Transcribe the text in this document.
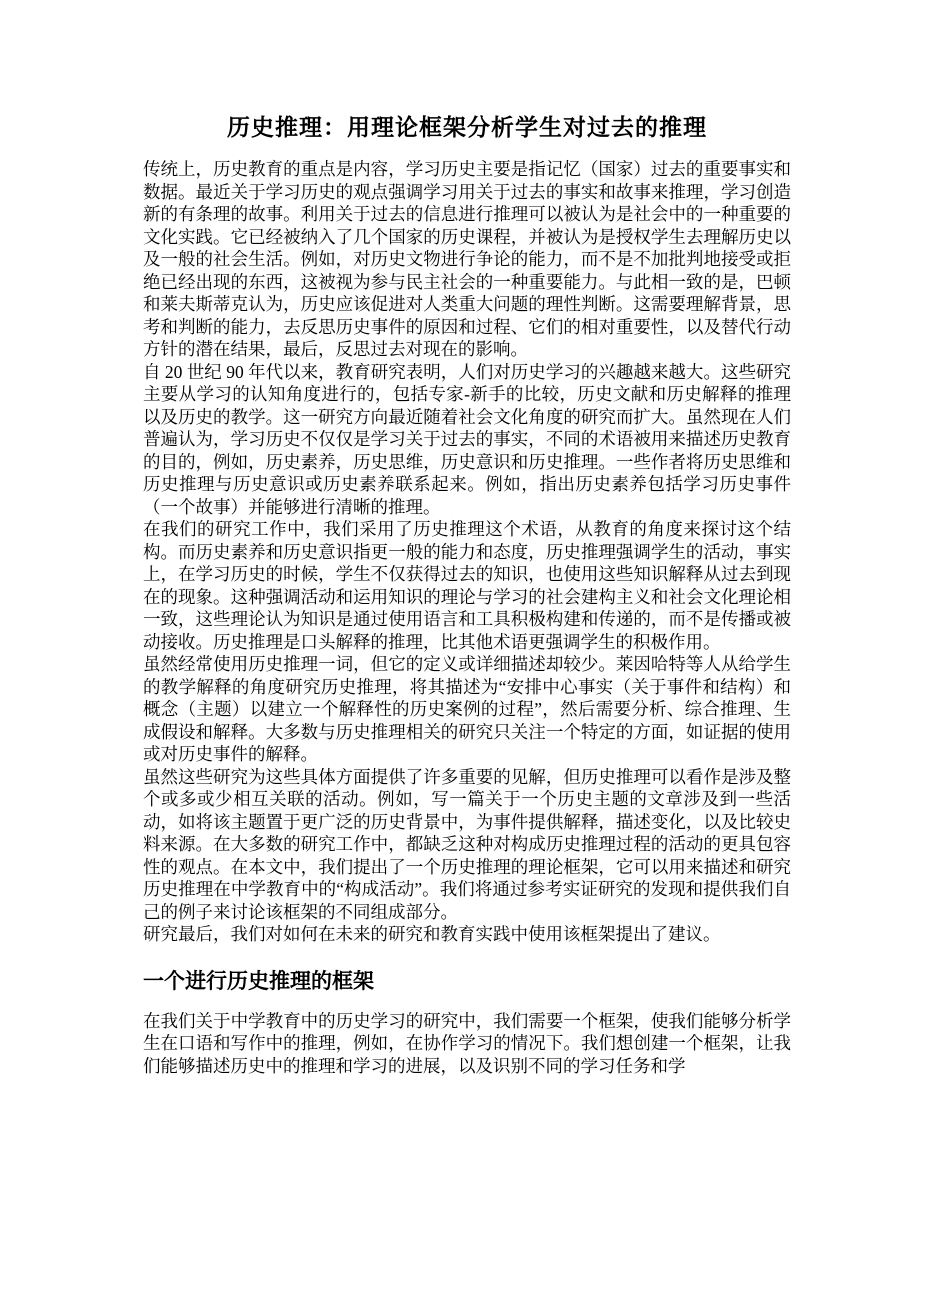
历史推理：用理论框架分析学生对过去的推理

传统上，历史教育的重点是内容，学习历史主要是指记忆（国家）过去的重要事实和数据。最近关于学习历史的观点强调学习用关于过去的事实和故事来推理，学习创造新的有条理的故事。利用关于过去的信息进行推理可以被认为是社会中的一种重要的文化实践。它已经被纳入了几个国家的历史课程，并被认为是授权学生去理解历史以及一般的社会生活。例如，对历史文物进行争论的能力，而不是不加批判地接受或拒绝已经出现的东西，这被视为参与民主社会的一种重要能力。与此相一致的是，巴顿和莱夫斯蒂克认为，历史应该促进对人类重大问题的理性判断。这需要理解背景，思考和判断的能力，去反思历史事件的原因和过程、它们的相对重要性，以及替代行动方针的潜在结果，最后，反思过去对现在的影响。

自 20 世纪 90 年代以来，教育研究表明，人们对历史学习的兴趣越来越大。这些研究主要从学习的认知角度进行的，包括专家-新手的比较，历史文献和历史解释的推理以及历史的教学。这一研究方向最近随着社会文化角度的研究而扩大。虽然现在人们普遍认为，学习历史不仅仅是学习关于过去的事实，不同的术语被用来描述历史教育的目的，例如，历史素养，历史思维，历史意识和历史推理。一些作者将历史思维和历史推理与历史意识或历史素养联系起来。例如，指出历史素养包括学习历史事件（一个故事）并能够进行清晰的推理。

在我们的研究工作中，我们采用了历史推理这个术语，从教育的角度来探讨这个结构。而历史素养和历史意识指更一般的能力和态度，历史推理强调学生的活动，事实上，在学习历史的时候，学生不仅获得过去的知识，也使用这些知识解释从过去到现在的现象。这种强调活动和运用知识的理论与学习的社会建构主义和社会文化理论相一致，这些理论认为知识是通过使用语言和工具积极构建和传递的，而不是传播或被动接收。历史推理是口头解释的推理，比其他术语更强调学生的积极作用。

虽然经常使用历史推理一词，但它的定义或详细描述却较少。莱因哈特等人从给学生的教学解释的角度研究历史推理，将其描述为“安排中心事实（关于事件和结构）和概念（主题）以建立一个解释性的历史案例的过程”，然后需要分析、综合推理、生成假设和解释。大多数与历史推理相关的研究只关注一个特定的方面，如证据的使用或对历史事件的解释。

虽然这些研究为这些具体方面提供了许多重要的见解，但历史推理可以看作是涉及整个或多或少相互关联的活动。例如，写一篇关于一个历史主题的文章涉及到一些活动，如将该主题置于更广泛的历史背景中，为事件提供解释，描述变化，以及比较史料来源。在大多数的研究工作中，都缺乏这种对构成历史推理过程的活动的更具包容性的观点。在本文中，我们提出了一个历史推理的理论框架，它可以用来描述和研究历史推理在中学教育中的“构成活动”。我们将通过参考实证研究的发现和提供我们自己的例子来讨论该框架的不同组成部分。

研究最后，我们对如何在未来的研究和教育实践中使用该框架提出了建议。

一个进行历史推理的框架

在我们关于中学教育中的历史学习的研究中，我们需要一个框架，使我们能够分析学生在口语和写作中的推理，例如，在协作学习的情况下。我们想创建一个框架，让我们能够描述历史中的推理和学习的进展，以及识别不同的学习任务和学
